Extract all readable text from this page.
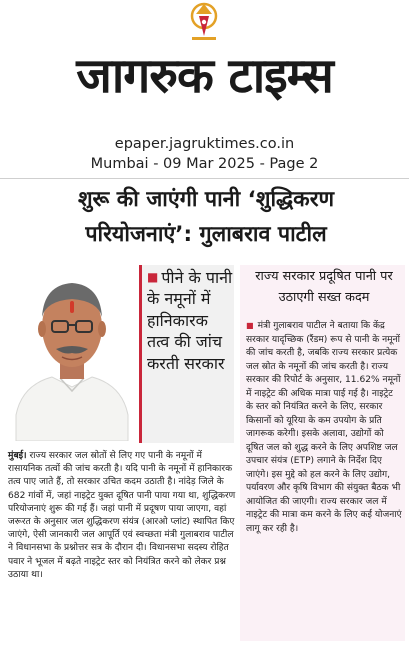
जागरुक टाइम्स
epaper.jagruktimes.co.in
Mumbai - 09 Mar 2025 - Page 2
शुरू की जाएंगी पानी ‘शुद्धिकरण
परियोजनाएं’: गुलाबराव पाटील
■ पीने के पानी के नमूनों में हानिकारक तत्व की जांच करती सरकार
राज्य सरकार प्रदूषित पानी पर उठाएगी सख्त कदम
■ मंत्री गुलाबराव पाटील ने बताया कि केंद्र सरकार यादृच्छिक (रैंडम) रूप से पानी के नमूनों की जांच करती है, जबकि राज्य सरकार प्रत्येक जल स्रोत के नमूनों की जांच करती है। राज्य सरकार की रिपोर्ट के अनुसार, 11.62% नमूनों में नाइट्रेट की अधिक मात्रा पाई गई है। नाइट्रेट के स्तर को नियंत्रित करने के लिए, सरकार किसानों को यूरिया के कम उपयोग के प्रति जागरूक करेगी। इसके अलावा, उद्योगों को दूषित जल को शुद्ध करने के लिए अपशिष्ट जल उपचार संयंत्र (ETP) लगाने के निर्देश दिए जाएंगे। इस मुद्दे को हल करने के लिए उद्योग, पर्यावरण और कृषि विभाग की संयुक्त बैठक भी आयोजित की जाएगी। राज्य सरकार जल में नाइट्रेट की मात्रा कम करने के लिए कई योजनाएं लागू कर रही है।
मुंबई। राज्य सरकार जल स्रोतों से लिए गए पानी के नमूनों में रासायनिक तत्वों की जांच करती है। यदि पानी के नमूनों में हानिकारक तत्व पाए जाते हैं, तो सरकार उचित कदम उठाती है। नांदेड़ जिले के 682 गांवों में, जहां नाइट्रेट युक्त दूषित पानी पाया गया था, शुद्धिकरण परियोजनाएं शुरू की गई हैं। जहां पानी में प्रदूषण पाया जाएगा, वहां जरूरत के अनुसार जल शुद्धिकरण संयंत्र (आरओ प्लांट) स्थापित किए जाएंगे, ऐसी जानकारी जल आपूर्ति एवं स्वच्छता मंत्री गुलाबराव पाटील ने विधानसभा के प्रश्नोत्तर सत्र के दौरान दी। विधानसभा सदस्य रोहित पवार ने भूजल में बढ़ते नाइट्रेट स्तर को नियंत्रित करने को लेकर प्रश्न उठाया था।
